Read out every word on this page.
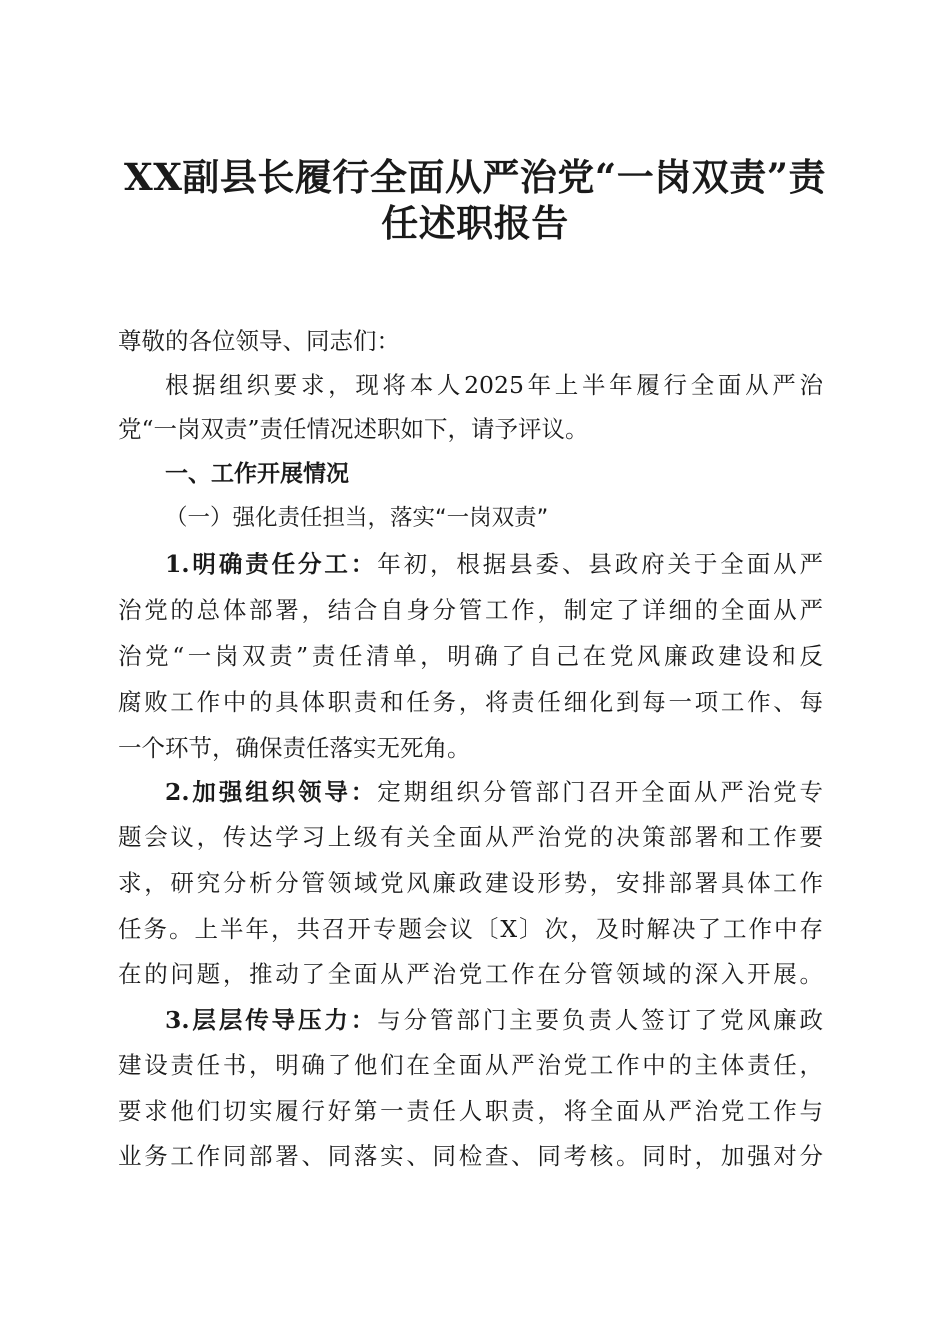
XX副县长履行全面从严治党“一岗双责”责
任述职报告
尊敬的各位领导、同志们：
根据组织要求，现将本人2025年上半年履行全面从严治
党“一岗双责”责任情况述职如下，请予评议。
一、工作开展情况
（一）强化责任担当，落实“一岗双责”
1.明确责任分工：年初，根据县委、县政府关于全面从严
治党的总体部署，结合自身分管工作，制定了详细的全面从严
治党“一岗双责”责任清单，明确了自己在党风廉政建设和反
腐败工作中的具体职责和任务，将责任细化到每一项工作、每
一个环节，确保责任落实无死角。
2.加强组织领导：定期组织分管部门召开全面从严治党专
题会议，传达学习上级有关全面从严治党的决策部署和工作要
求，研究分析分管领域党风廉政建设形势，安排部署具体工作
任务。上半年，共召开专题会议〔X〕次，及时解决了工作中存
在的问题，推动了全面从严治党工作在分管领域的深入开展。
3.层层传导压力：与分管部门主要负责人签订了党风廉政
建设责任书，明确了他们在全面从严治党工作中的主体责任，
要求他们切实履行好第一责任人职责，将全面从严治党工作与
业务工作同部署、同落实、同检查、同考核。同时，加强对分
